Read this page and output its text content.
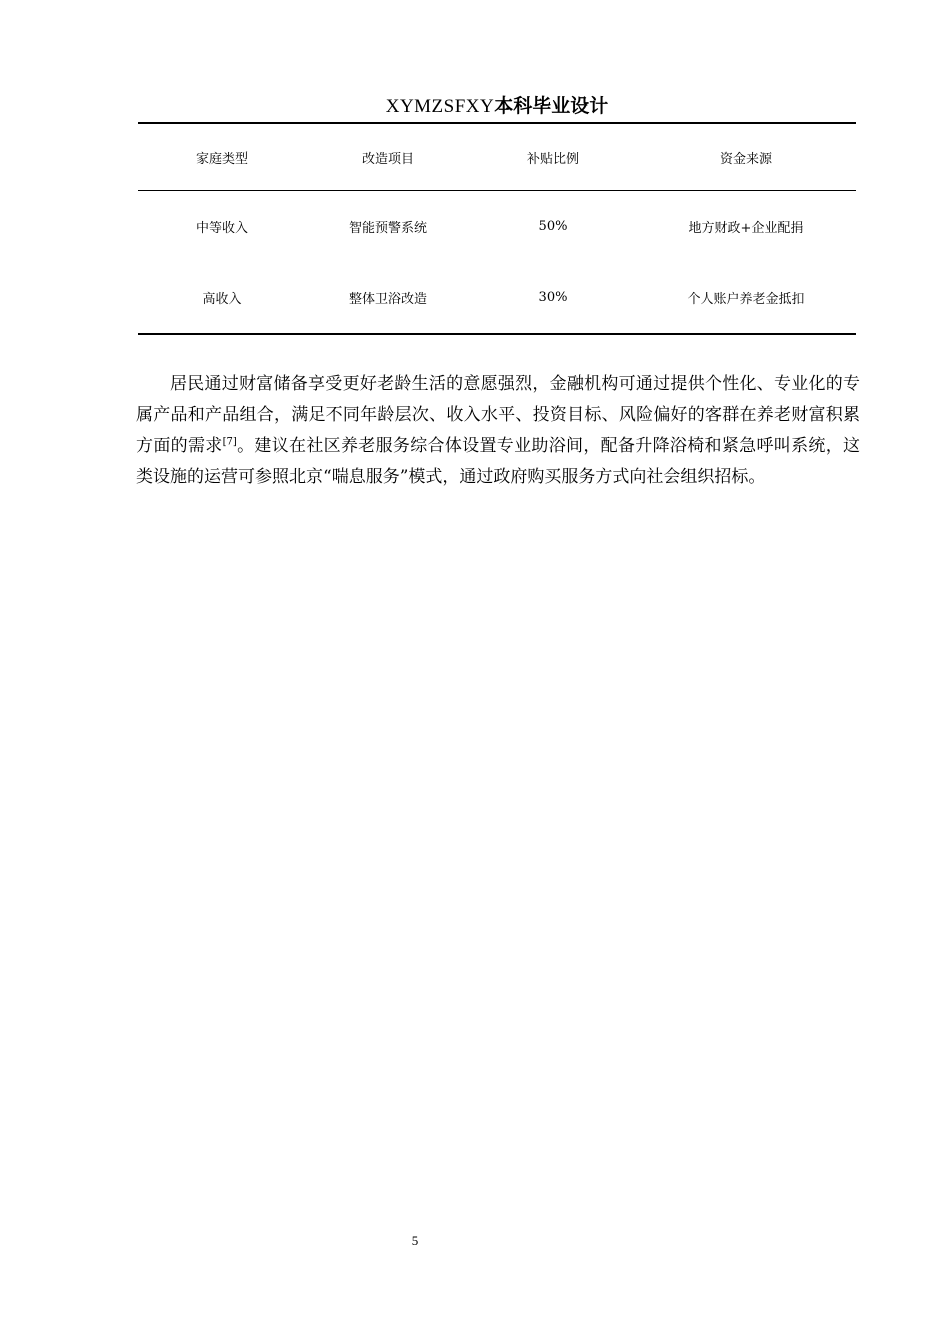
XYMZSFXY本科毕业设计
家庭类型	改造项目	补贴比例	资金来源
中等收入	智能预警系统	50%	地方财政+企业配捐
高收入	整体卫浴改造	30%	个人账户养老金抵扣

居民通过财富储备享受更好老龄生活的意愿强烈，金融机构可通过提供个性化、专业化的专属产品和产品组合，满足不同年龄层次、收入水平、投资目标、风险偏好的客群在养老财富积累方面的需求[7]。建议在社区养老服务综合体设置专业助浴间，配备升降浴椅和紧急呼叫系统，这类设施的运营可参照北京“喘息服务”模式，通过政府购买服务方式向社会组织招标。

5
